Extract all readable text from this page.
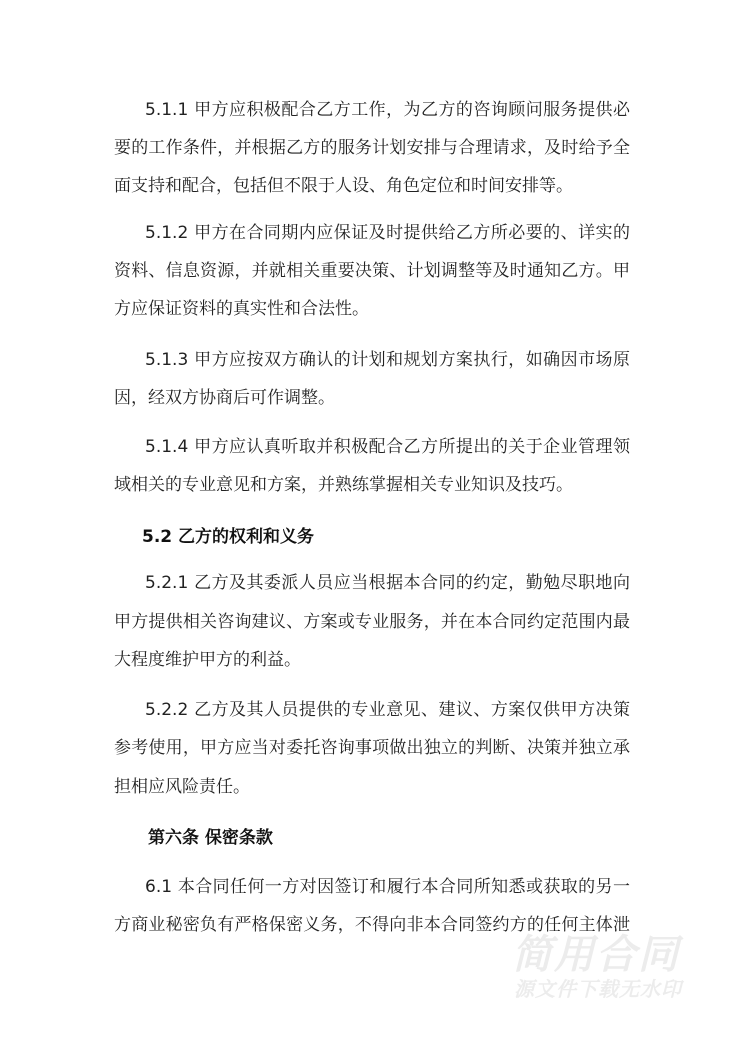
5.1.1 甲方应积极配合乙方工作，为乙方的咨询顾问服务提供必
要的工作条件，并根据乙方的服务计划安排与合理请求，及时给予全
面支持和配合，包括但不限于人设、角色定位和时间安排等。
5.1.2 甲方在合同期内应保证及时提供给乙方所必要的、详实的
资料、信息资源，并就相关重要决策、计划调整等及时通知乙方。甲
方应保证资料的真实性和合法性。
5.1.3 甲方应按双方确认的计划和规划方案执行，如确因市场原
因，经双方协商后可作调整。
5.1.4 甲方应认真听取并积极配合乙方所提出的关于企业管理领
域相关的专业意见和方案，并熟练掌握相关专业知识及技巧。
5.2 乙方的权利和义务
5.2.1 乙方及其委派人员应当根据本合同的约定，勤勉尽职地向
甲方提供相关咨询建议、方案或专业服务，并在本合同约定范围内最
大程度维护甲方的利益。
5.2.2 乙方及其人员提供的专业意见、建议、方案仅供甲方决策
参考使用，甲方应当对委托咨询事项做出独立的判断、决策并独立承
担相应风险责任。
第六条 保密条款
6.1 本合同任何一方对因签订和履行本合同所知悉或获取的另一
方商业秘密负有严格保密义务，不得向非本合同签约方的任何主体泄
简用合同
源文件下载无水印
